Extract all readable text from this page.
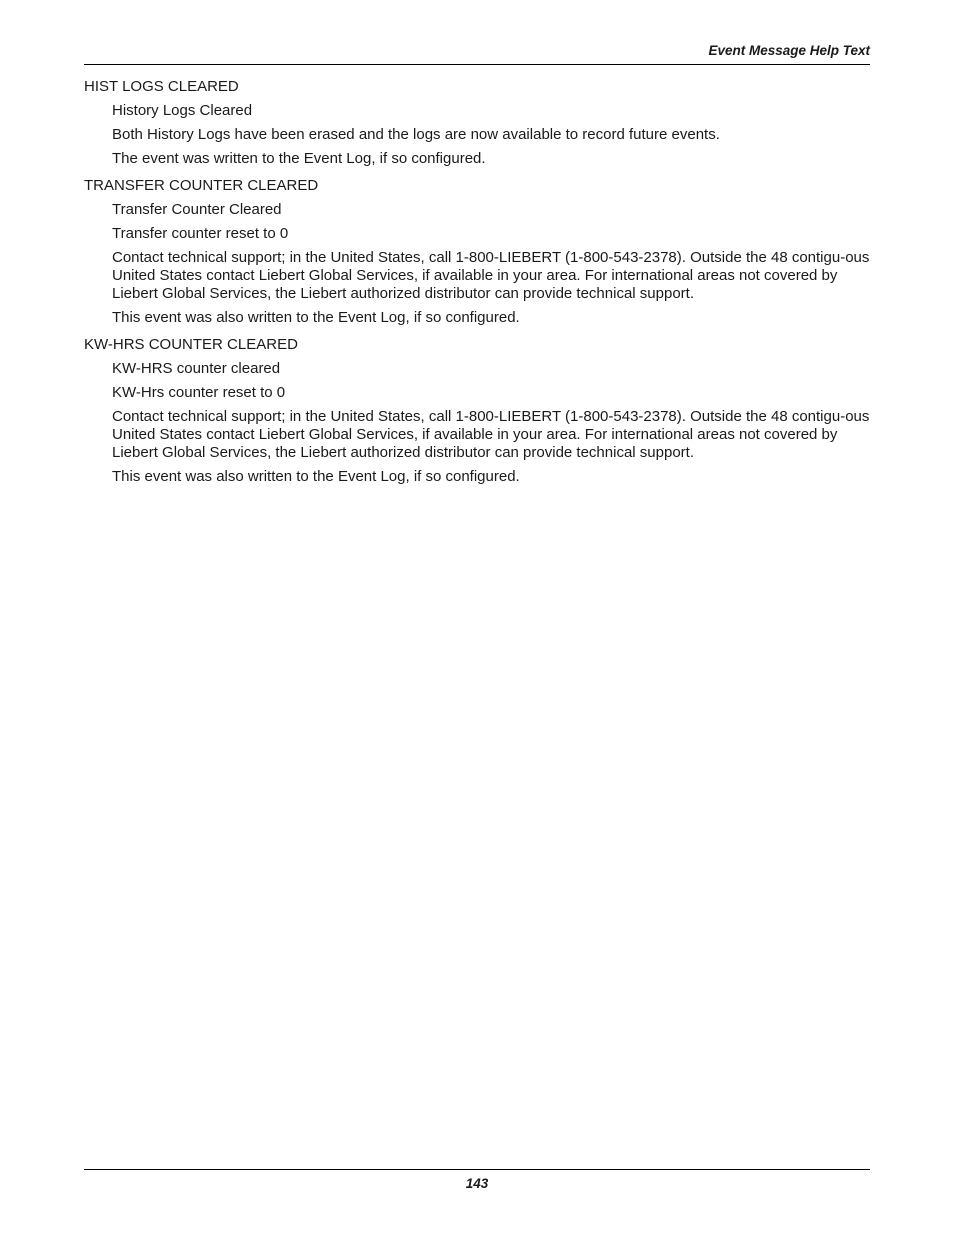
Event Message Help Text
HIST LOGS CLEARED
History Logs Cleared
Both History Logs have been erased and the logs are now available to record future events.
The event was written to the Event Log, if so configured.
TRANSFER COUNTER CLEARED
Transfer Counter Cleared
Transfer counter reset to 0
Contact technical support; in the United States, call 1-800-LIEBERT (1-800-543-2378). Outside the 48 contigu-ous United States contact Liebert Global Services, if available in your area. For international areas not covered by Liebert Global Services, the Liebert authorized distributor can provide technical support.
This event was also written to the Event Log, if so configured.
KW-HRS COUNTER CLEARED
KW-HRS counter cleared
KW-Hrs counter reset to 0
Contact technical support; in the United States, call 1-800-LIEBERT (1-800-543-2378). Outside the 48 contigu-ous United States contact Liebert Global Services, if available in your area. For international areas not covered by Liebert Global Services, the Liebert authorized distributor can provide technical support.
This event was also written to the Event Log, if so configured.
143
